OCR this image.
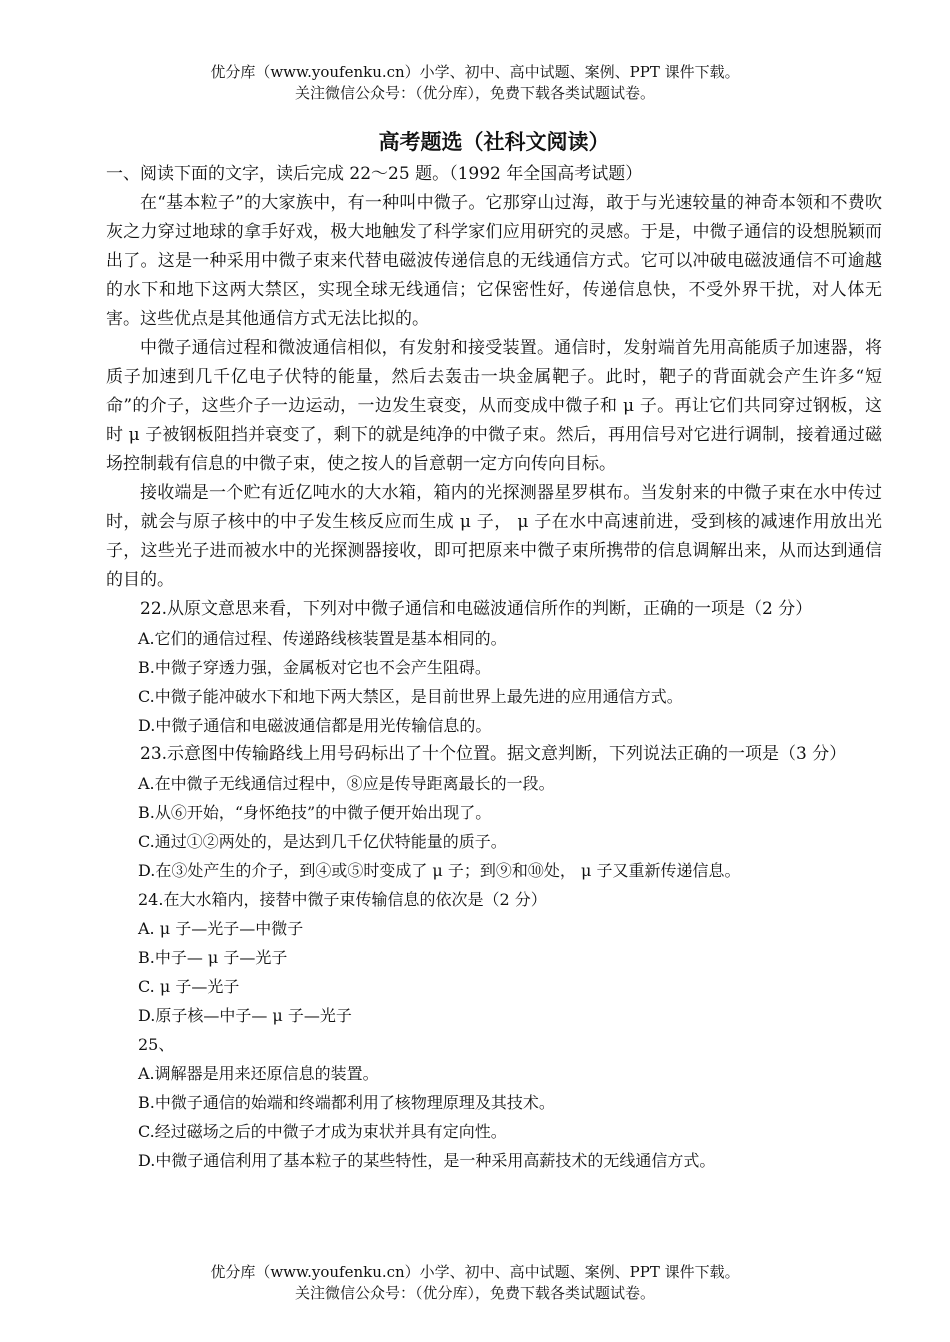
优分库（www.youfenku.cn）小学、初中、高中试题、案例、PPT 课件下载。
关注微信公众号：（优分库），免费下载各类试题试卷。
高考题选（社科文阅读）

一、阅读下面的文字，读后完成 22～25 题。（1992 年全国高考试题）

在“基本粒子”的大家族中，有一种叫中微子。它那穿山过海，敢于与光速较量的神奇本领和不费吹灰之力穿过地球的拿手好戏，极大地触发了科学家们应用研究的灵感。于是，中微子通信的设想脱颖而出了。这是一种采用中微子束来代替电磁波传递信息的无线通信方式。它可以冲破电磁波通信不可逾越的水下和地下这两大禁区，实现全球无线通信；它保密性好，传递信息快，不受外界干扰，对人体无害。这些优点是其他通信方式无法比拟的。

中微子通信过程和微波通信相似，有发射和接受装置。通信时，发射端首先用高能质子加速器，将质子加速到几千亿电子伏特的能量，然后去轰击一块金属靶子。此时，靶子的背面就会产生许多“短命”的介子，这些介子一边运动，一边发生衰变，从而变成中微子和 μ 子。再让它们共同穿过钢板，这时 μ 子被钢板阻挡并衰变了，剩下的就是纯净的中微子束。然后，再用信号对它进行调制，接着通过磁场控制载有信息的中微子束，使之按人的旨意朝一定方向传向目标。

接收端是一个贮有近亿吨水的大水箱，箱内的光探测器星罗棋布。当发射来的中微子束在水中传过时，就会与原子核中的中子发生核反应而生成 μ 子， μ 子在水中高速前进，受到核的减速作用放出光子，这些光子进而被水中的光探测器接收，即可把原来中微子束所携带的信息调解出来，从而达到通信的目的。

22.从原文意思来看，下列对中微子通信和电磁波通信所作的判断，正确的一项是（2 分）

A.它们的通信过程、传递路线核装置是基本相同的。

B.中微子穿透力强，金属板对它也不会产生阻碍。

C.中微子能冲破水下和地下两大禁区，是目前世界上最先进的应用通信方式。

D.中微子通信和电磁波通信都是用光传输信息的。

23.示意图中传输路线上用号码标出了十个位置。据文意判断，下列说法正确的一项是（3 分）

A.在中微子无线通信过程中，⑧应是传导距离最长的一段。

B.从⑥开始，“身怀绝技”的中微子便开始出现了。

C.通过①②两处的，是达到几千亿伏特能量的质子。

D.在③处产生的介子，到④或⑤时变成了 μ 子；到⑨和⑩处， μ 子又重新传递信息。

24.在大水箱内，接替中微子束传输信息的依次是（2 分）

A. μ 子—光子—中微子

B.中子— μ 子—光子

C. μ 子—光子

D.原子核—中子— μ 子—光子

25、

A.调解器是用来还原信息的装置。

B.中微子通信的始端和终端都利用了核物理原理及其技术。

C.经过磁场之后的中微子才成为束状并具有定向性。

D.中微子通信利用了基本粒子的某些特性，是一种采用高薪技术的无线通信方式。

优分库（www.youfenku.cn）小学、初中、高中试题、案例、PPT 课件下载。
关注微信公众号：（优分库），免费下载各类试题试卷。
